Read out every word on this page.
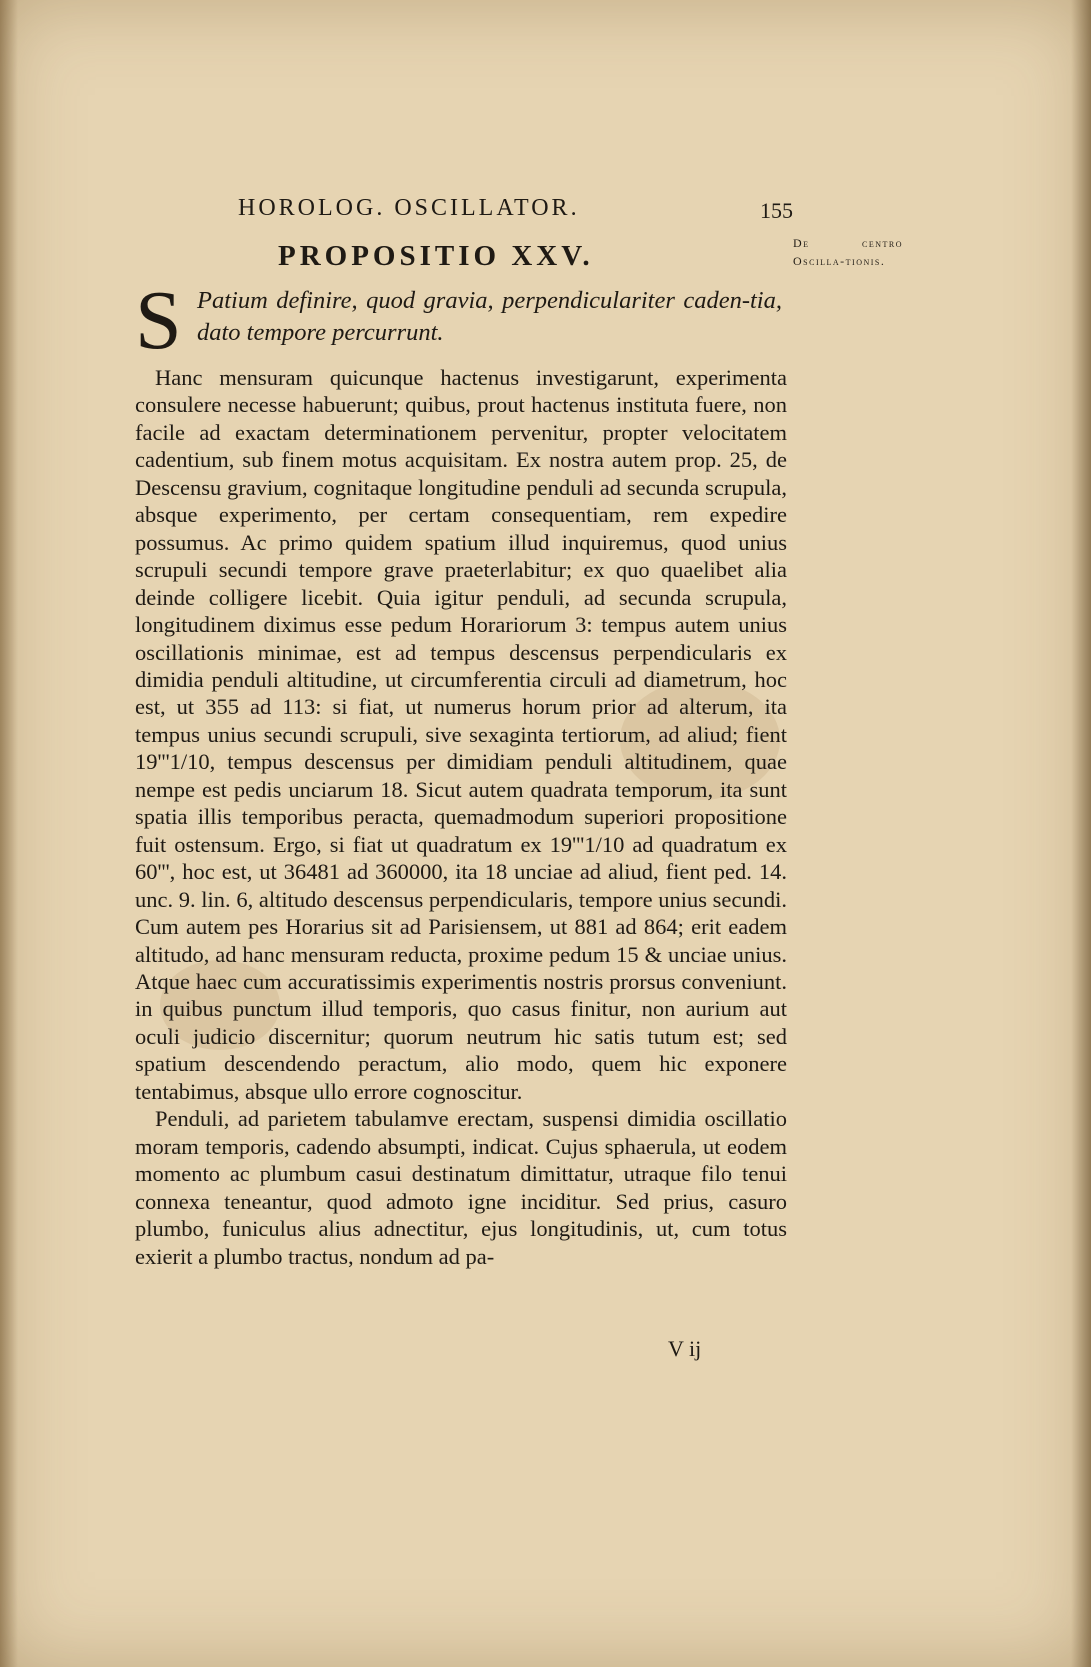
HOROLOG. OSCILLATOR.	155
De centro Oscilla-tionis.
PROPOSITIO XXV.
S Patium definire, quod gravia, perpendiculariter caden-tia, dato tempore percurrunt.

Hanc mensuram quicunque hactenus investigarunt, experimenta consulere necesse habuerunt; quibus, prout hactenus instituta fuere, non facile ad exactam determinationem pervenitur, propter velocitatem cadentium, sub finem motus acquisitam. Ex nostra autem prop. 25, de Descensu gravium, cognitaque longitudine penduli ad secunda scrupula, absque experimento, per certam consequentiam, rem expedire possumus. Ac primo quidem spatium illud inquiremus, quod unius scrupuli secundi tempore grave praeterlabitur; ex quo quaelibet alia deinde colligere licebit. Quia igitur penduli, ad secunda scrupula, longitudinem diximus esse pedum Horariorum 3: tempus autem unius oscillationis minimae, est ad tempus descensus perpendicularis ex dimidia penduli altitudine, ut circumferentia circuli ad diametrum, hoc est, ut 355 ad 113: si fiat, ut numerus horum prior ad alterum, ita tempus unius secundi scrupuli, sive sexaginta tertiorum, ad aliud; fient 19'''1/10, tempus descensus per dimidiam penduli altitudinem, quae nempe est pedis unciarum 18. Sicut autem quadrata temporum, ita sunt spatia illis temporibus peracta, quemadmodum superiori propositione fuit ostensum. Ergo, si fiat ut quadratum ex 19'''1/10 ad quadratum ex 60''', hoc est, ut 36481 ad 360000, ita 18 unciae ad aliud, fient ped. 14. unc. 9. lin. 6, altitudo descensus perpendicularis, tempore unius secundi. Cum autem pes Horarius sit ad Parisiensem, ut 881 ad 864; erit eadem altitudo, ad hanc mensuram reducta, proxime pedum 15 & unciae unius. Atque haec cum accuratissimis experimentis nostris prorsus conveniunt. in quibus punctum illud temporis, quo casus finitur, non aurium aut oculi judicio discernitur; quorum neutrum hic satis tutum est; sed spatium descendendo peractum, alio modo, quem hic exponere tentabimus, absque ullo errore cognoscitur.

Penduli, ad parietem tabulamve erectam, suspensi dimidia oscillatio moram temporis, cadendo absumpti, indicat. Cujus sphaerula, ut eodem momento ac plumbum casui destinatum dimittatur, utraque filo tenui connexa teneantur, quod admoto igne inciditur. Sed prius, casuro plumbo, funiculus alius adnectitur, ejus longitudinis, ut, cum totus exierit a plumbo tractus, nondum ad pa-

V ij
